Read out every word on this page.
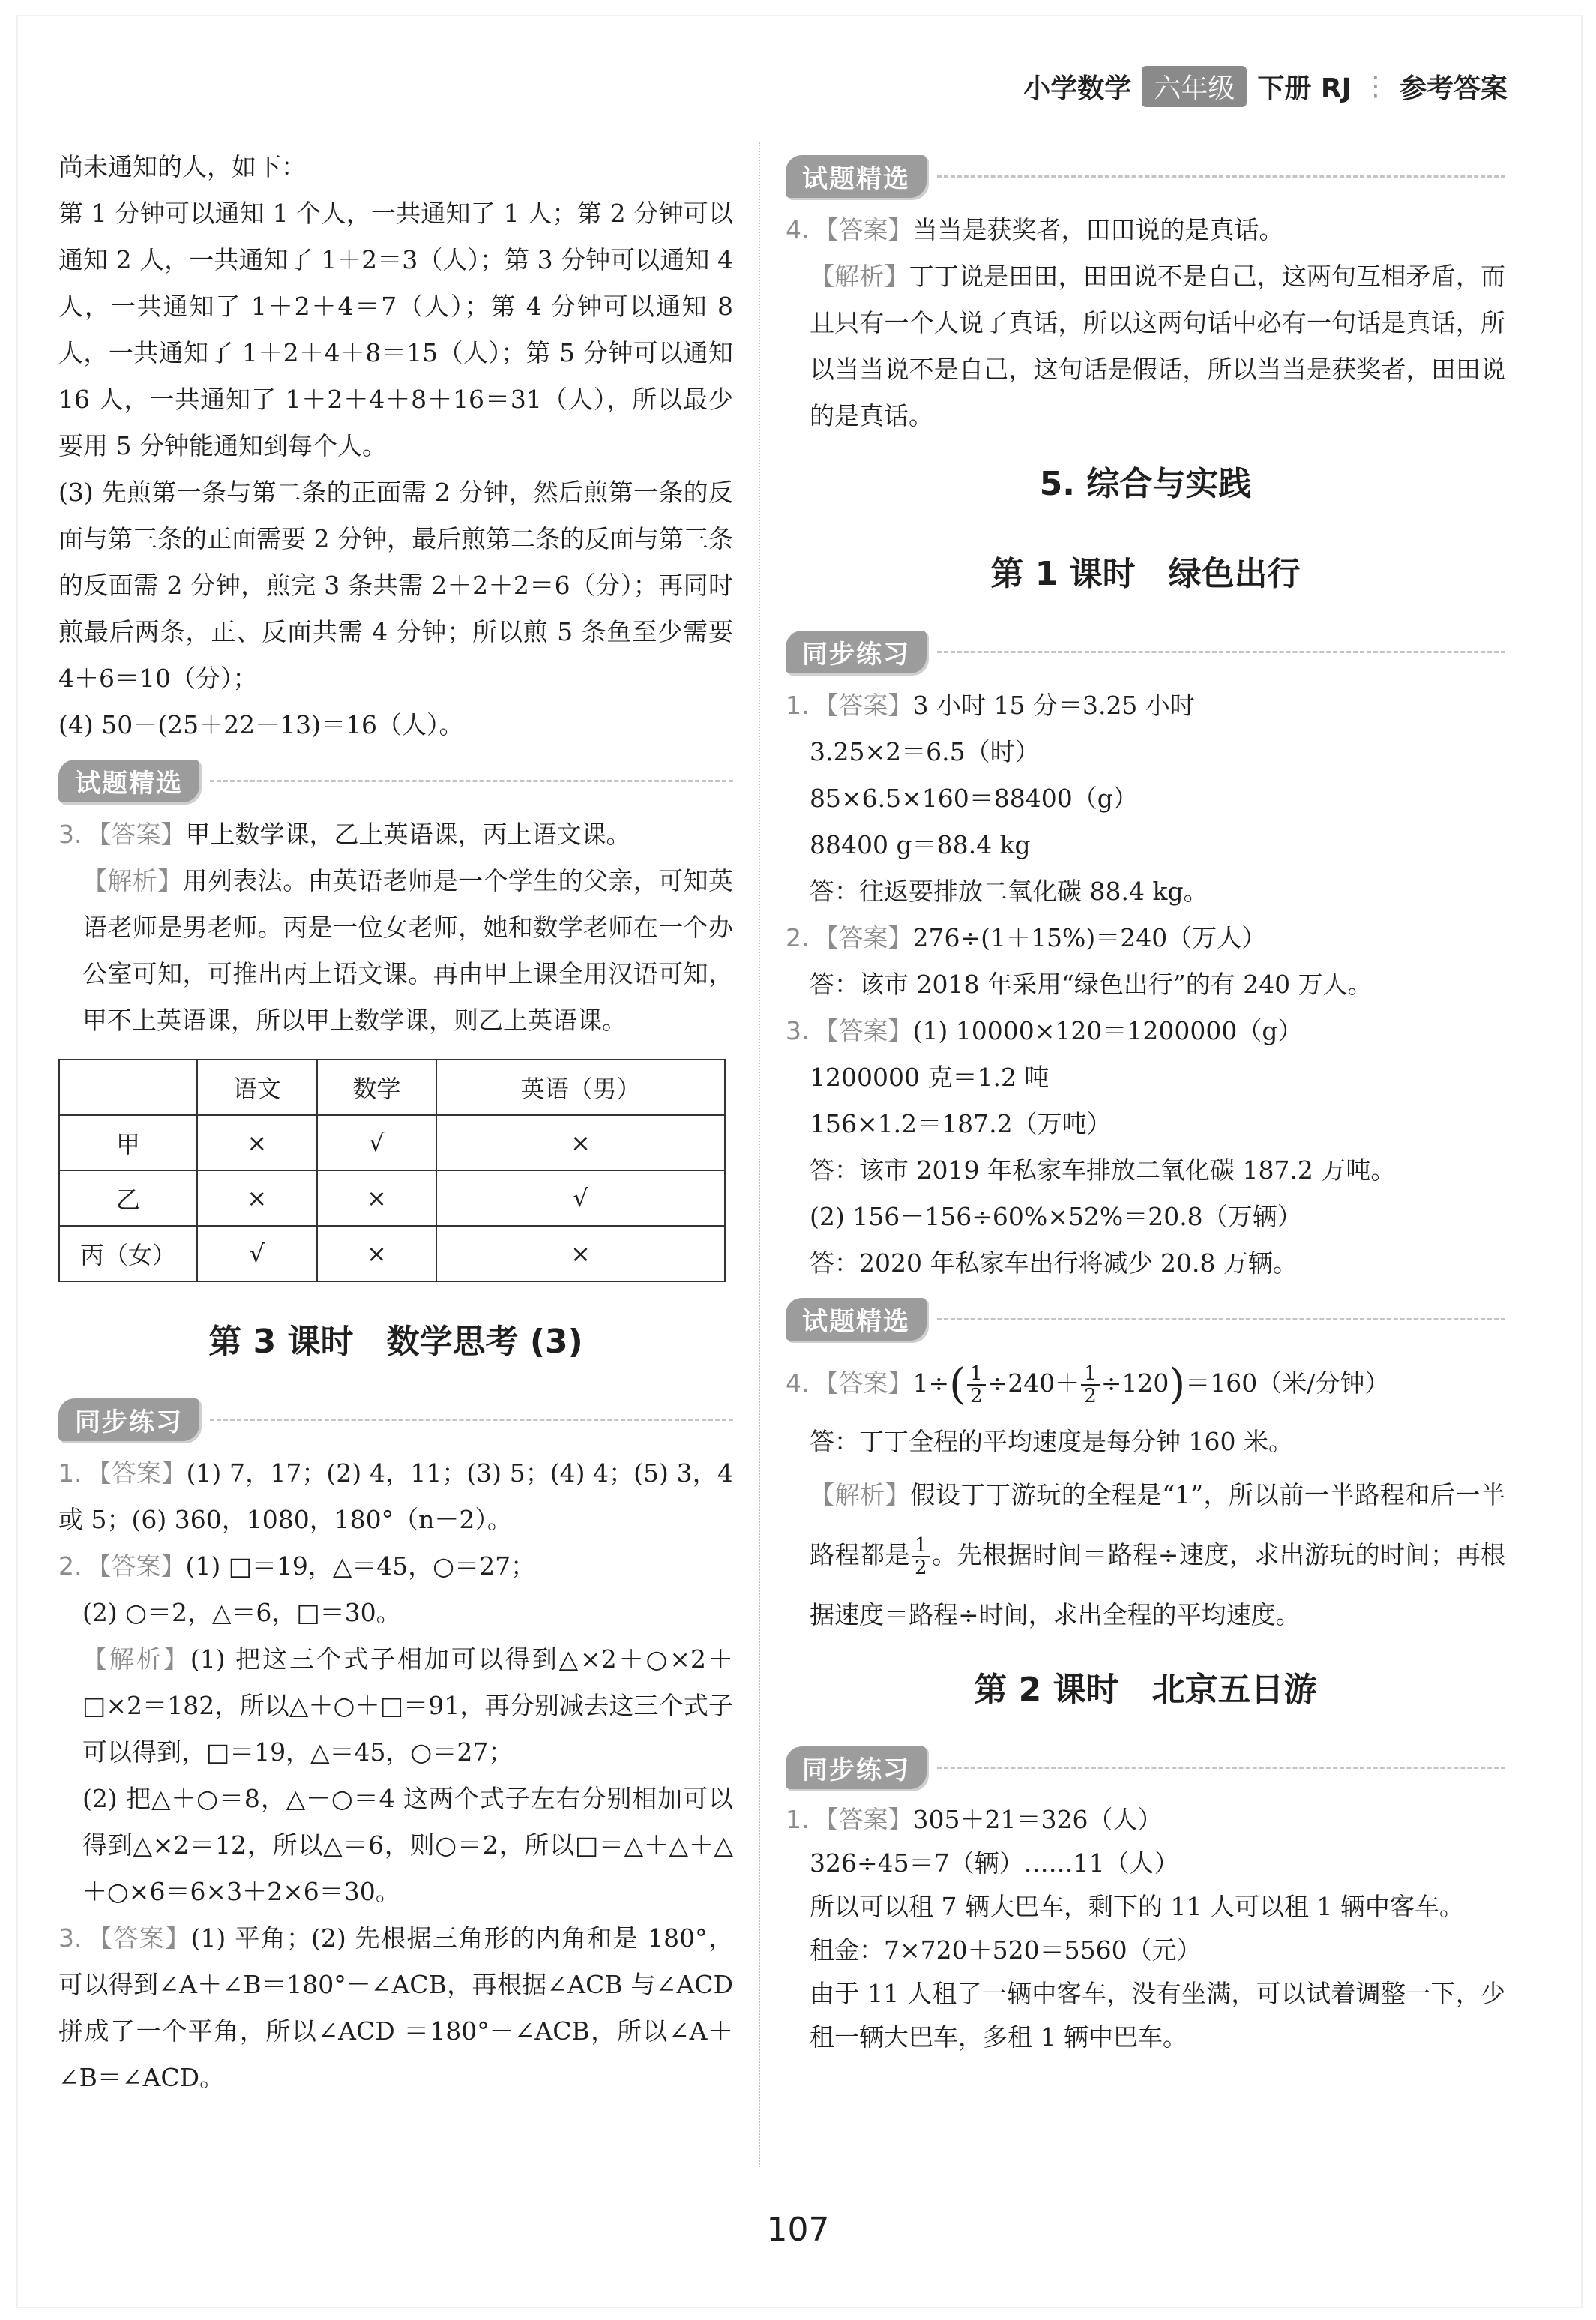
小学数学 六年级 下册 RJ ⋮ 参考答案

尚未通知的人，如下：

第 1 分钟可以通知 1 个人，一共通知了 1 人；第 2 分钟可以通知 2 人，一共通知了 1＋2＝3（人）；第 3 分钟可以通知 4 人，一共通知了 1＋2＋4＝7（人）；第 4 分钟可以通知 8 人，一共通知了 1＋2＋4＋8＝15（人）；第 5 分钟可以通知 16 人，一共通知了 1＋2＋4＋8＋16＝31（人），所以最少要用 5 分钟能通知到每个人。

(3) 先煎第一条与第二条的正面需 2 分钟，然后煎第一条的反面与第三条的正面需要 2 分钟，最后煎第二条的反面与第三条的反面需 2 分钟，煎完 3 条共需 2＋2＋2＝6（分）；再同时煎最后两条，正、反面共需 4 分钟；所以煎 5 条鱼至少需要 4＋6＝10（分）；

(4) 50－(25＋22－13)＝16（人）。

试题精选

3. 【答案】甲上数学课，乙上英语课，丙上语文课。

【解析】用列表法。由英语老师是一个学生的父亲，可知英语老师是男老师。丙是一位女老师，她和数学老师在一个办公室可知，可推出丙上语文课。再由甲上课全用汉语可知，甲不上英语课，所以甲上数学课，则乙上英语课。

	语文	数学	英语（男）
甲	×	√	×
乙	×	×	√
丙（女）	√	×	×
第 3 课时　数学思考 (3)
同步练习

1. 【答案】(1) 7，17；(2) 4，11；(3) 5；(4) 4；(5) 3，4 或 5；(6) 360，1080，180°（n－2）。

2. 【答案】(1) □＝19，△＝45，○＝27；

(2) ○＝2，△＝6，□＝30。

【解析】(1) 把这三个式子相加可以得到△×2＋○×2＋□×2＝182，所以△＋○＋□＝91，再分别减去这三个式子可以得到，□＝19，△＝45，○＝27；

(2) 把△＋○＝8，△－○＝4 这两个式子左右分别相加可以得到△×2＝12，所以△＝6，则○＝2，所以□＝△＋△＋△＋○×6＝6×3＋2×6＝30。

3. 【答案】(1) 平角；(2) 先根据三角形的内角和是 180°，可以得到∠A＋∠B＝180°－∠ACB，再根据∠ACB 与∠ACD 拼成了一个平角，所以∠ACD ＝180°－∠ACB，所以∠A＋∠B＝∠ACD。

试题精选

4. 【答案】当当是获奖者，田田说的是真话。

【解析】丁丁说是田田，田田说不是自己，这两句互相矛盾，而且只有一个人说了真话，所以这两句话中必有一句话是真话，所以当当说不是自己，这句话是假话，所以当当是获奖者，田田说的是真话。

5. 综合与实践
第 1 课时　绿色出行
同步练习

1. 【答案】3 小时 15 分＝3.25 小时

3.25×2＝6.5（时）

85×6.5×160＝88400（g）

88400 g＝88.4 kg

答：往返要排放二氧化碳 88.4 kg。

2. 【答案】276÷(1＋15%)＝240（万人）

答：该市 2018 年采用“绿色出行”的有 240 万人。

3. 【答案】(1) 10000×120＝1200000（g）

1200000 克＝1.2 吨

156×1.2＝187.2（万吨）

答：该市 2019 年私家车排放二氧化碳 187.2 万吨。

(2) 156－156÷60%×52%＝20.8（万辆）

答：2020 年私家车出行将减少 20.8 万辆。

试题精选

4. 【答案】$1\div( \frac{1}{2} \div 240+ \frac{1}{2} \div 120)=160$（米/分钟）

答：丁丁全程的平均速度是每分钟 160 米。

【解析】假设丁丁游玩的全程是“1”，所以前一半路程和后一半路程都是 $\frac{1}{2}$ 。先根据时间＝路程÷速度，求出游玩的时间；再根据速度＝路程÷时间，求出全程的平均速度。

第 2 课时　北京五日游
同步练习

1. 【答案】305＋21＝326（人）

326÷45＝7（辆）……11（人）

所以可以租 7 辆大巴车，剩下的 11 人可以租 1 辆中客车。

租金：7×720＋520＝5560（元）

由于 11 人租了一辆中客车，没有坐满，可以试着调整一下，少租一辆大巴车，多租 1 辆中巴车。

107
